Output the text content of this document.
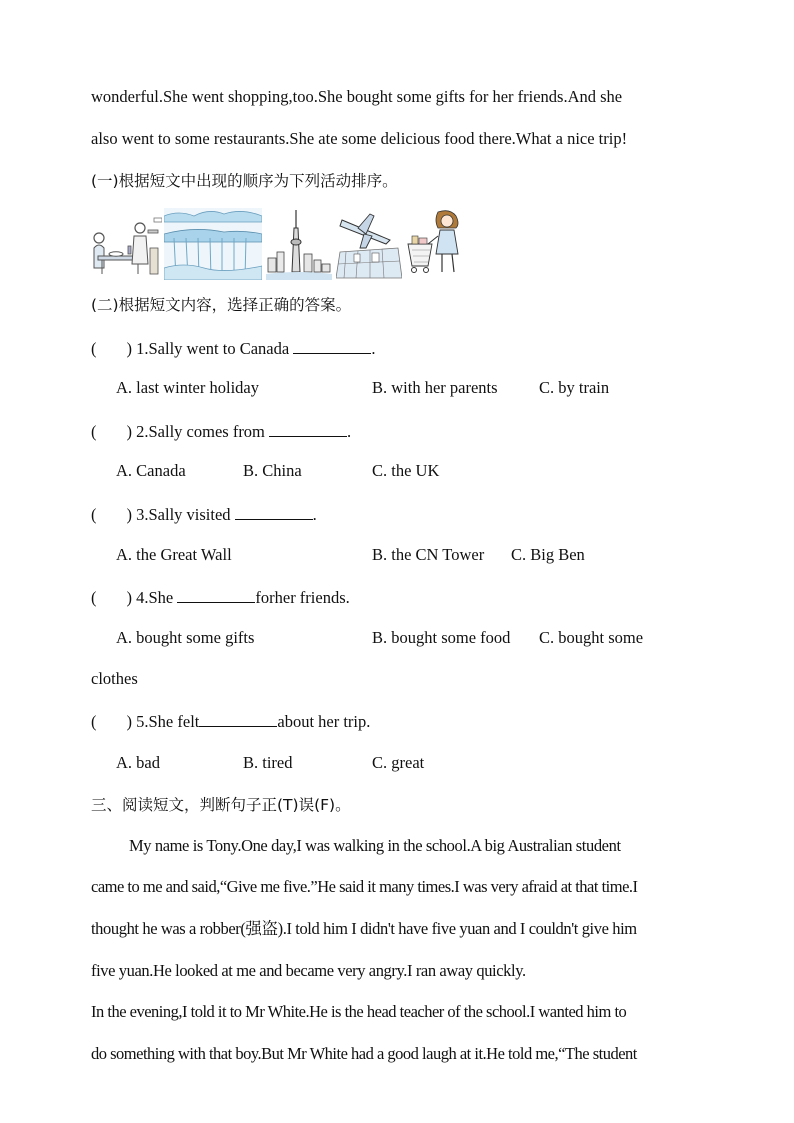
wonderful.She went shopping,too.She bought some gifts for her friends.And she
also went to some restaurants.She ate some delicious food there.What a nice trip!
(一)根据短文中出现的顺序为下列活动排序。
(二)根据短文内容，选择正确的答案。
( ) 1.Sally went to Canada	.
A. last winter holiday	B. with her parents	C. by train
( ) 2.Sally comes from	.
A. Canada	B. China	C. the UK
( ) 3.Sally visited	.
A. the Great Wall	B. the CN Tower C. Big Ben
( ) 4.She	forher friends.
A. bought some gifts	B. bought some food C. bought some
clothes
( ) 5.She felt	about her trip.
A. bad	B. tired	C. great
三、阅读短文，判断句子正(T)误(F)。
My name is Tony.One day,I was walking in the school.A big Australian student
came to me and said,“Give me five.”He said it many times.I was very afraid at that time.I
thought he was a robber(强盗).I told him I didn't have five yuan and I couldn't give him
five yuan.He looked at me and became very angry.I ran away quickly.
In the evening,I told it to Mr White.He is the head teacher of the school.I wanted him to
do something with that boy.But Mr White had a good laugh at it.He told me,“The student
